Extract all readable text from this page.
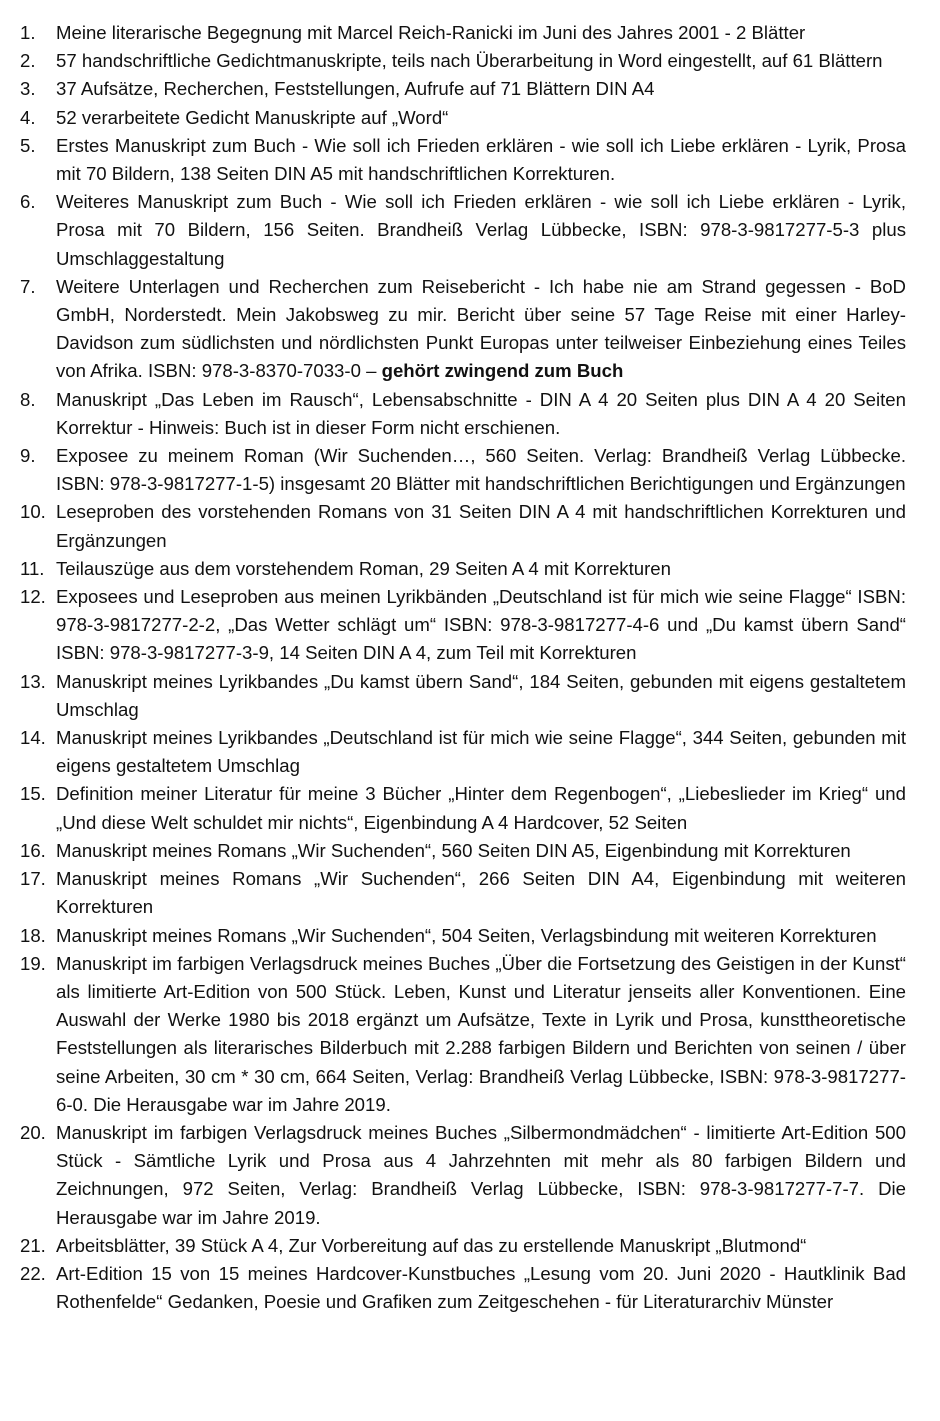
1.	Meine literarische Begegnung mit Marcel Reich-Ranicki im Juni des Jahres 2001 - 2 Blätter
2.	57 handschriftliche Gedichtmanuskripte, teils nach Überarbeitung in Word eingestellt, auf 61 Blättern
3.	37 Aufsätze, Recherchen, Feststellungen, Aufrufe auf 71 Blättern DIN A4
4.	52 verarbeitete Gedicht Manuskripte auf „Word“
5.	Erstes Manuskript zum Buch - Wie soll ich Frieden erklären - wie soll ich Liebe erklären - Lyrik, Prosa mit 70 Bildern, 138 Seiten DIN A5 mit handschriftlichen Korrekturen.
6.	Weiteres Manuskript zum Buch - Wie soll ich Frieden erklären - wie soll ich Liebe erklären - Lyrik, Prosa mit 70 Bildern, 156 Seiten. Brandheiß Verlag Lübbecke, ISBN: 978-3-9817277-5-3 plus Umschlaggestaltung
7.	Weitere Unterlagen und Recherchen zum Reisebericht - Ich habe nie am Strand gegessen - BoD GmbH, Norderstedt. Mein Jakobsweg zu mir. Bericht über seine 57 Tage Reise mit einer Harley-Davidson zum südlichsten und nördlichsten Punkt Europas unter teilweiser Einbeziehung eines Teiles von Afrika. ISBN: 978-3-8370-7033-0 – gehört zwingend zum Buch
8.	Manuskript „Das Leben im Rausch“, Lebensabschnitte - DIN A 4 20 Seiten plus DIN A 4 20 Seiten Korrektur - Hinweis: Buch ist in dieser Form nicht erschienen.
9.	Exposee zu meinem Roman (Wir Suchenden…, 560 Seiten. Verlag: Brandheiß Verlag Lübbecke. ISBN: 978-3-9817277-1-5) insgesamt 20 Blätter mit handschriftlichen Berichtigungen und Ergänzungen
10. Leseproben des vorstehenden Romans von 31 Seiten DIN A 4 mit handschriftlichen Korrekturen und Ergänzungen
11. Teilauszüge aus dem vorstehendem Roman, 29 Seiten A 4 mit Korrekturen
12. Exposees und Leseproben aus meinen Lyrikbänden „Deutschland ist für mich wie seine Flagge“ ISBN: 978-3-9817277-2-2, „Das Wetter schlägt um“ ISBN: 978-3-9817277-4-6 und „Du kamst übern Sand“ ISBN: 978-3-9817277-3-9, 14 Seiten DIN A 4, zum Teil mit Korrekturen
13. Manuskript meines Lyrikbandes „Du kamst übern Sand“, 184 Seiten, gebunden mit eigens gestaltetem Umschlag
14. Manuskript meines Lyrikbandes „Deutschland ist für mich wie seine Flagge“, 344 Seiten, gebunden mit eigens gestaltetem Umschlag
15. Definition meiner Literatur für meine 3 Bücher „Hinter dem Regenbogen“, „Liebeslieder im Krieg“ und „Und diese Welt schuldet mir nichts“, Eigenbindung A 4 Hardcover, 52 Seiten
16. Manuskript meines Romans „Wir Suchenden“, 560 Seiten DIN A5, Eigenbindung mit Korrekturen
17. Manuskript meines Romans „Wir Suchenden“, 266 Seiten DIN A4, Eigenbindung mit weiteren Korrekturen
18. Manuskript meines Romans „Wir Suchenden“, 504 Seiten, Verlagsbindung mit weiteren Korrekturen
19. Manuskript im farbigen Verlagsdruck meines Buches „Über die Fortsetzung des Geistigen in der Kunst“ als limitierte Art-Edition von 500 Stück. Leben, Kunst und Literatur jenseits aller Konventionen. Eine Auswahl der Werke 1980 bis 2018 ergänzt um Aufsätze, Texte in Lyrik und Prosa, kunsttheoretische Feststellungen als literarisches Bilderbuch mit 2.288 farbigen Bildern und Berichten von seinen / über seine Arbeiten, 30 cm * 30 cm, 664 Seiten, Verlag: Brandheiß Verlag Lübbecke, ISBN: 978-3-9817277-6-0. Die Herausgabe war im Jahre 2019.
20. Manuskript im farbigen Verlagsdruck meines Buches „Silbermondmädchen“ - limitierte Art-Edition 500 Stück - Sämtliche Lyrik und Prosa aus 4 Jahrzehnten mit mehr als 80 farbigen Bildern und Zeichnungen, 972 Seiten, Verlag: Brandheiß Verlag Lübbecke, ISBN: 978-3-9817277-7-7. Die Herausgabe war im Jahre 2019.
21. Arbeitsblätter, 39 Stück A 4, Zur Vorbereitung auf das zu erstellende Manuskript „Blutmond“
22. Art-Edition 15 von 15 meines Hardcover-Kunstbuches „Lesung vom 20. Juni 2020 - Hautklinik Bad Rothenfelde“ Gedanken, Poesie und Grafiken zum Zeitgeschehen - für Literaturarchiv Münster
